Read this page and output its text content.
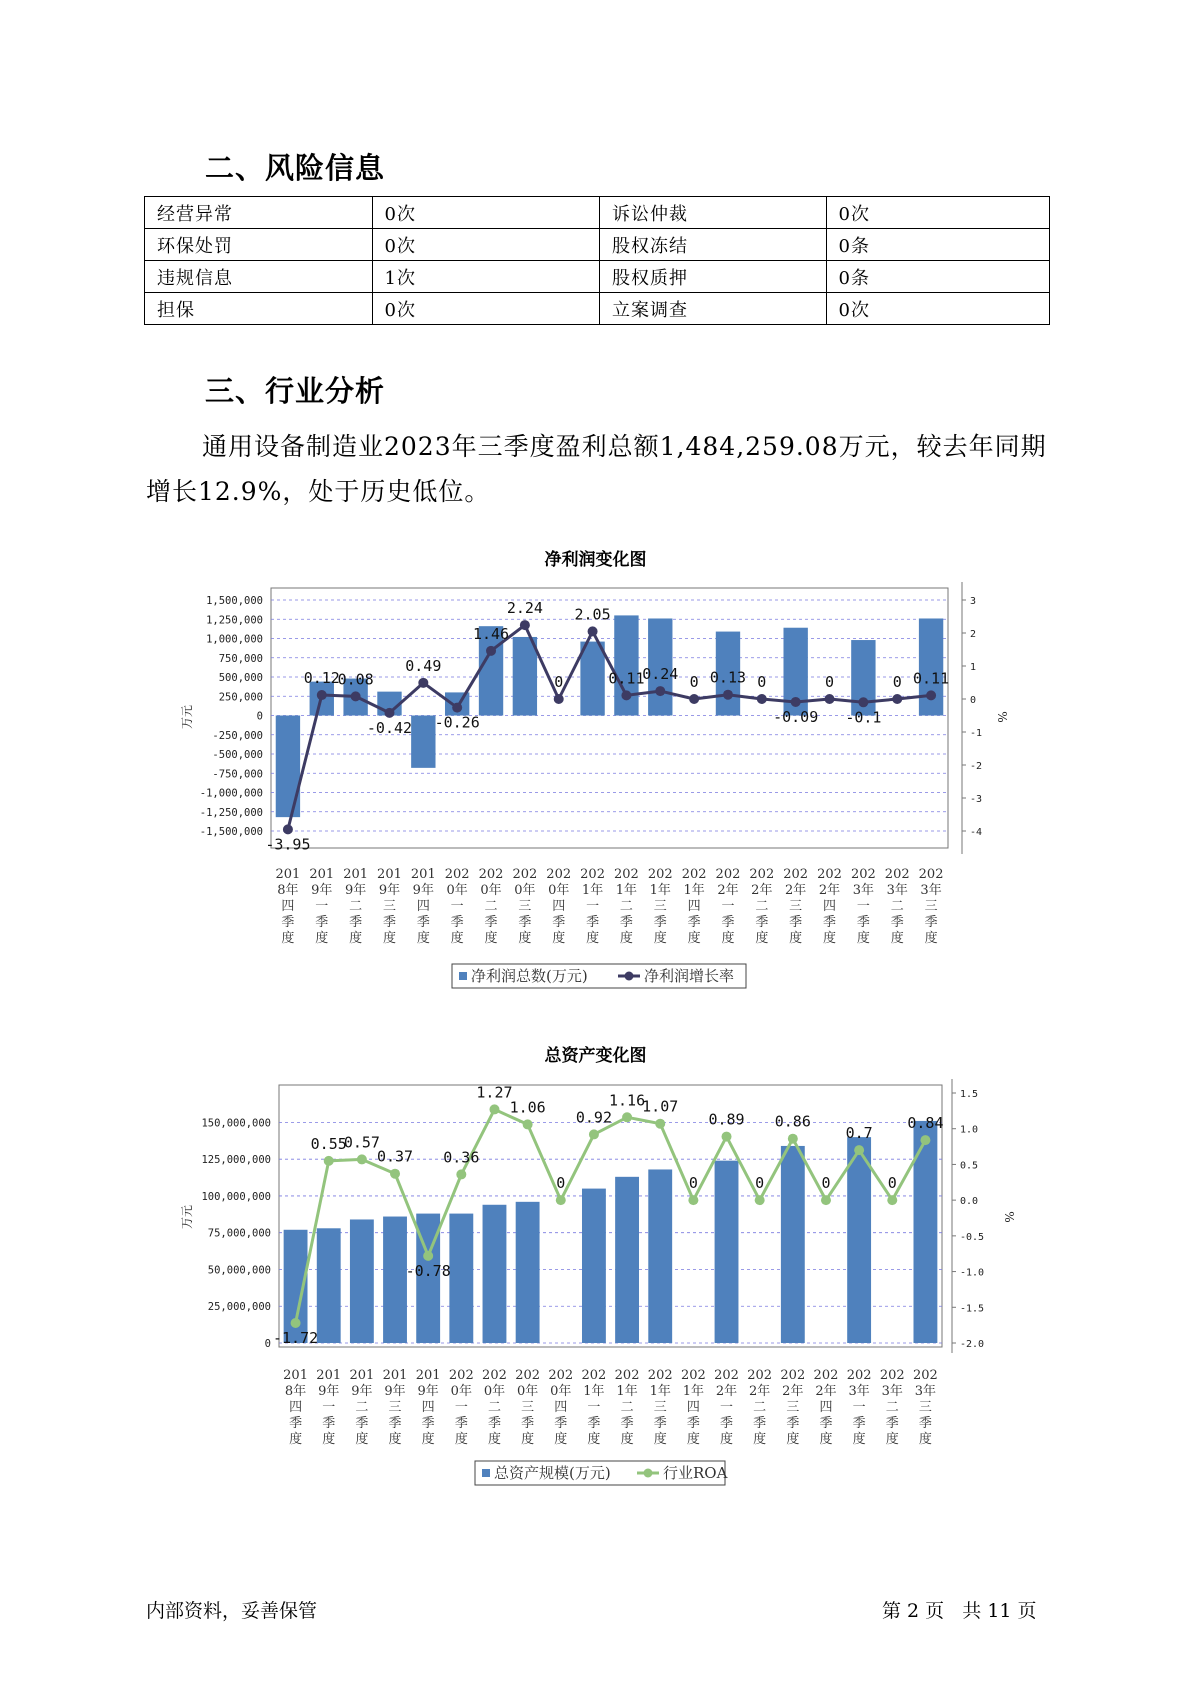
二、风险信息
经营异常	0次	诉讼仲裁	0次
环保处罚	0次	股权冻结	0条
违规信息	1次	股权质押	0条
担保	0次	立案调查	0次
三、行业分析
通用设备制造业2023年三季度盈利总额1,484,259.08万元，较去年同期增长12.9%，处于历史低位。
净利润变化图
1,500,000
1,250,000
1,000,000
750,000
500,000
250,000
0
-250,000
-500,000
-750,000
-1,000,000
-1,250,000
-1,500,000
3
2
1
0
-1
-2
-3
-4
万元	%
-3.95
0.12
0.08
-0.42
0.49
-0.26
1.46
2.24
0
2.05
0.11
0.24 0 0.13 0
-0.09
0
-0.1
0 0.11
201
8年
四
季
度
201
9年
一
季
度
201
9年
二
季
度
201
9年
三
季
度
201
9年
四
季
度
202
0年
一
季
度
202
0年
二
季
度
202
0年
三
季
度
202
0年
四
季
度
202
1年
一
季
度
202
1年
二
季
度
202
1年
三
季
度
202
1年
四
季
度
202
2年
一
季
度
202
2年
二
季
度
202
2年
三
季
度
202
2年
四
季
度
202
3年
一
季
度
202
3年
二
季
度
202
3年
三
季
度
净利润总数(万元)	净利润增长率
总资产变化图
150,000,000
125,000,000
100,000,000
75,000,000
50,000,000
25,000,000
0
1.5
1.0
0.5
0.0
-0.5
-1.0
-1.5
-2.0
万元	%
-1.72
0.55
0.57
0.37
-0.78
0.36
1.27
1.06
0
0.92
1.16
1.07
0
0.89
0
0.86
0
0.7
0
0.84
201
8年
四
季
度
201
9年
一
季
度
201
9年
二
季
度
201
9年
三
季
度
201
9年
四
季
度
202
0年
一
季
度
202
0年
二
季
度
202
0年
三
季
度
202
0年
四
季
度
202
1年
一
季
度
202
1年
二
季
度
202
1年
三
季
度
202
1年
四
季
度
202
2年
一
季
度
202
2年
二
季
度
202
2年
三
季
度
202
2年
四
季
度
202
3年
一
季
度
202
3年
二
季
度
202
3年
三
季
度
总资产规模(万元)	行业ROA
内部资料，妥善保管	第 2 页   共 11 页
